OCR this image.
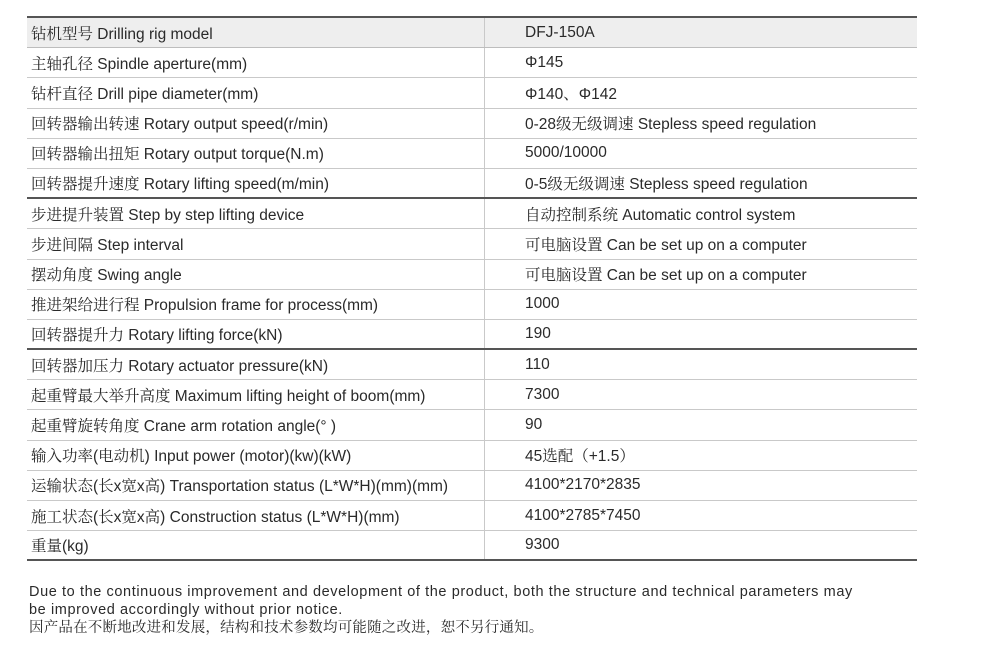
钻机型号 Drilling rig model	DFJ-150A
主轴孔径 Spindle aperture(mm)	Φ145
钻杆直径 Drill pipe diameter(mm)	Φ140、Φ142
回转器输出转速 Rotary output speed(r/min)	0-28级无级调速 Stepless speed regulation
回转器输出扭矩 Rotary output torque(N.m)	5000/10000
回转器提升速度 Rotary lifting speed(m/min)	0-5级无级调速 Stepless speed regulation
步进提升装置 Step by step lifting device	自动控制系统 Automatic control system
步进间隔 Step interval	可电脑设置 Can be set up on a computer
摆动角度 Swing angle	可电脑设置 Can be set up on a computer
推进架给进行程 Propulsion frame for process(mm)	1000
回转器提升力 Rotary lifting force(kN)	190
回转器加压力 Rotary actuator pressure(kN)	110
起重臂最大举升高度 Maximum lifting height of boom(mm)	7300
起重臂旋转角度 Crane arm rotation angle(° )	90
输入功率(电动机) Input power (motor)(kw)(kW)	45选配（+1.5）
运输状态(长x宽x高) Transportation status (L*W*H)(mm)(mm)	4100*2170*2835
施工状态(长x宽x高) Construction status (L*W*H)(mm)	4100*2785*7450
重量(kg)	9300
Due to the continuous improvement and development of the product, both the structure and technical parameters may
be improved accordingly without prior notice.
因产品在不断地改进和发展，结构和技术参数均可能随之改进，恕不另行通知。
